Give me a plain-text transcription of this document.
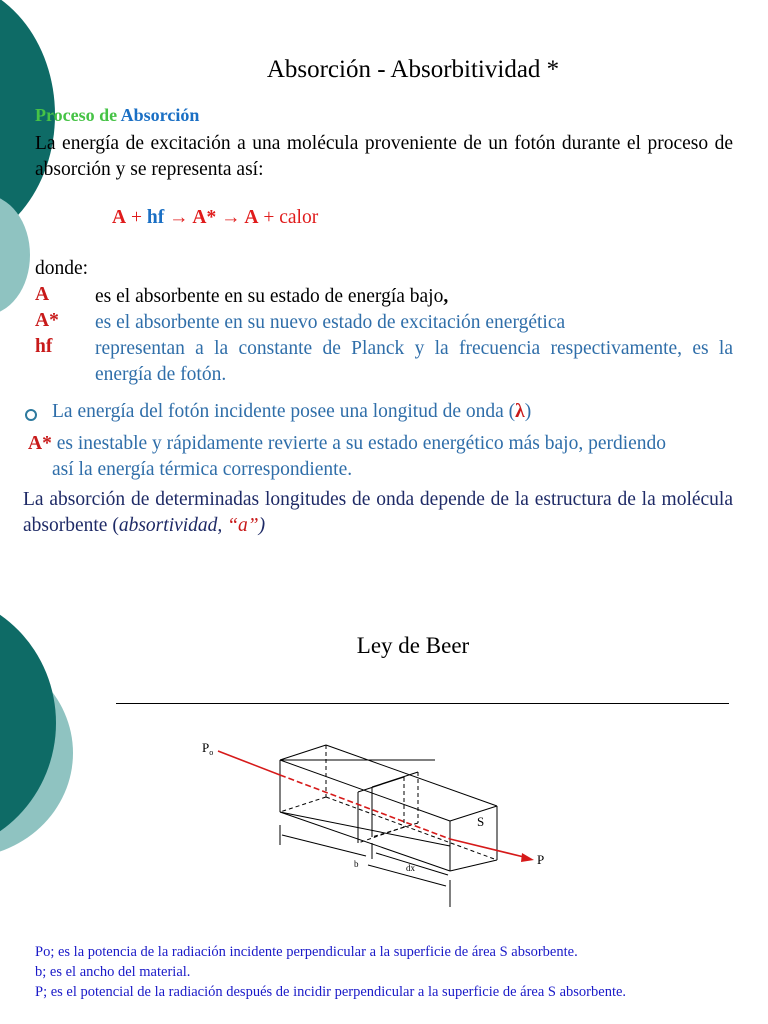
Absorción - Absorbitividad *
Proceso de Absorción
La energía de excitación a una molécula proveniente de un fotón durante el proceso de absorción y se representa así:
A + hf → A* → A + calor
donde:
A es el absorbente en su estado de energía bajo,
A* es el absorbente en su nuevo estado de excitación energética
hf representan a la constante de Planck y la frecuencia respectivamente, es la energía de fotón.
La energía del fotón incidente posee una longitud de onda (λ)
A* es inestable y rápidamente revierte a su estado energético más bajo, perdiendo
así la energía térmica correspondiente.
La absorción de determinadas longitudes de onda depende de la estructura de la molécula absorbente (absortividad, “a”)
Ley de Beer
$P_o$
P
S
b	dx

Po; es la potencia de la radiación incidente perpendicular a la superficie de área S absorbente.

b; es el ancho del material.

P; es el potencial de la radiación después de incidir perpendicular a la superficie de área S absorbente.
